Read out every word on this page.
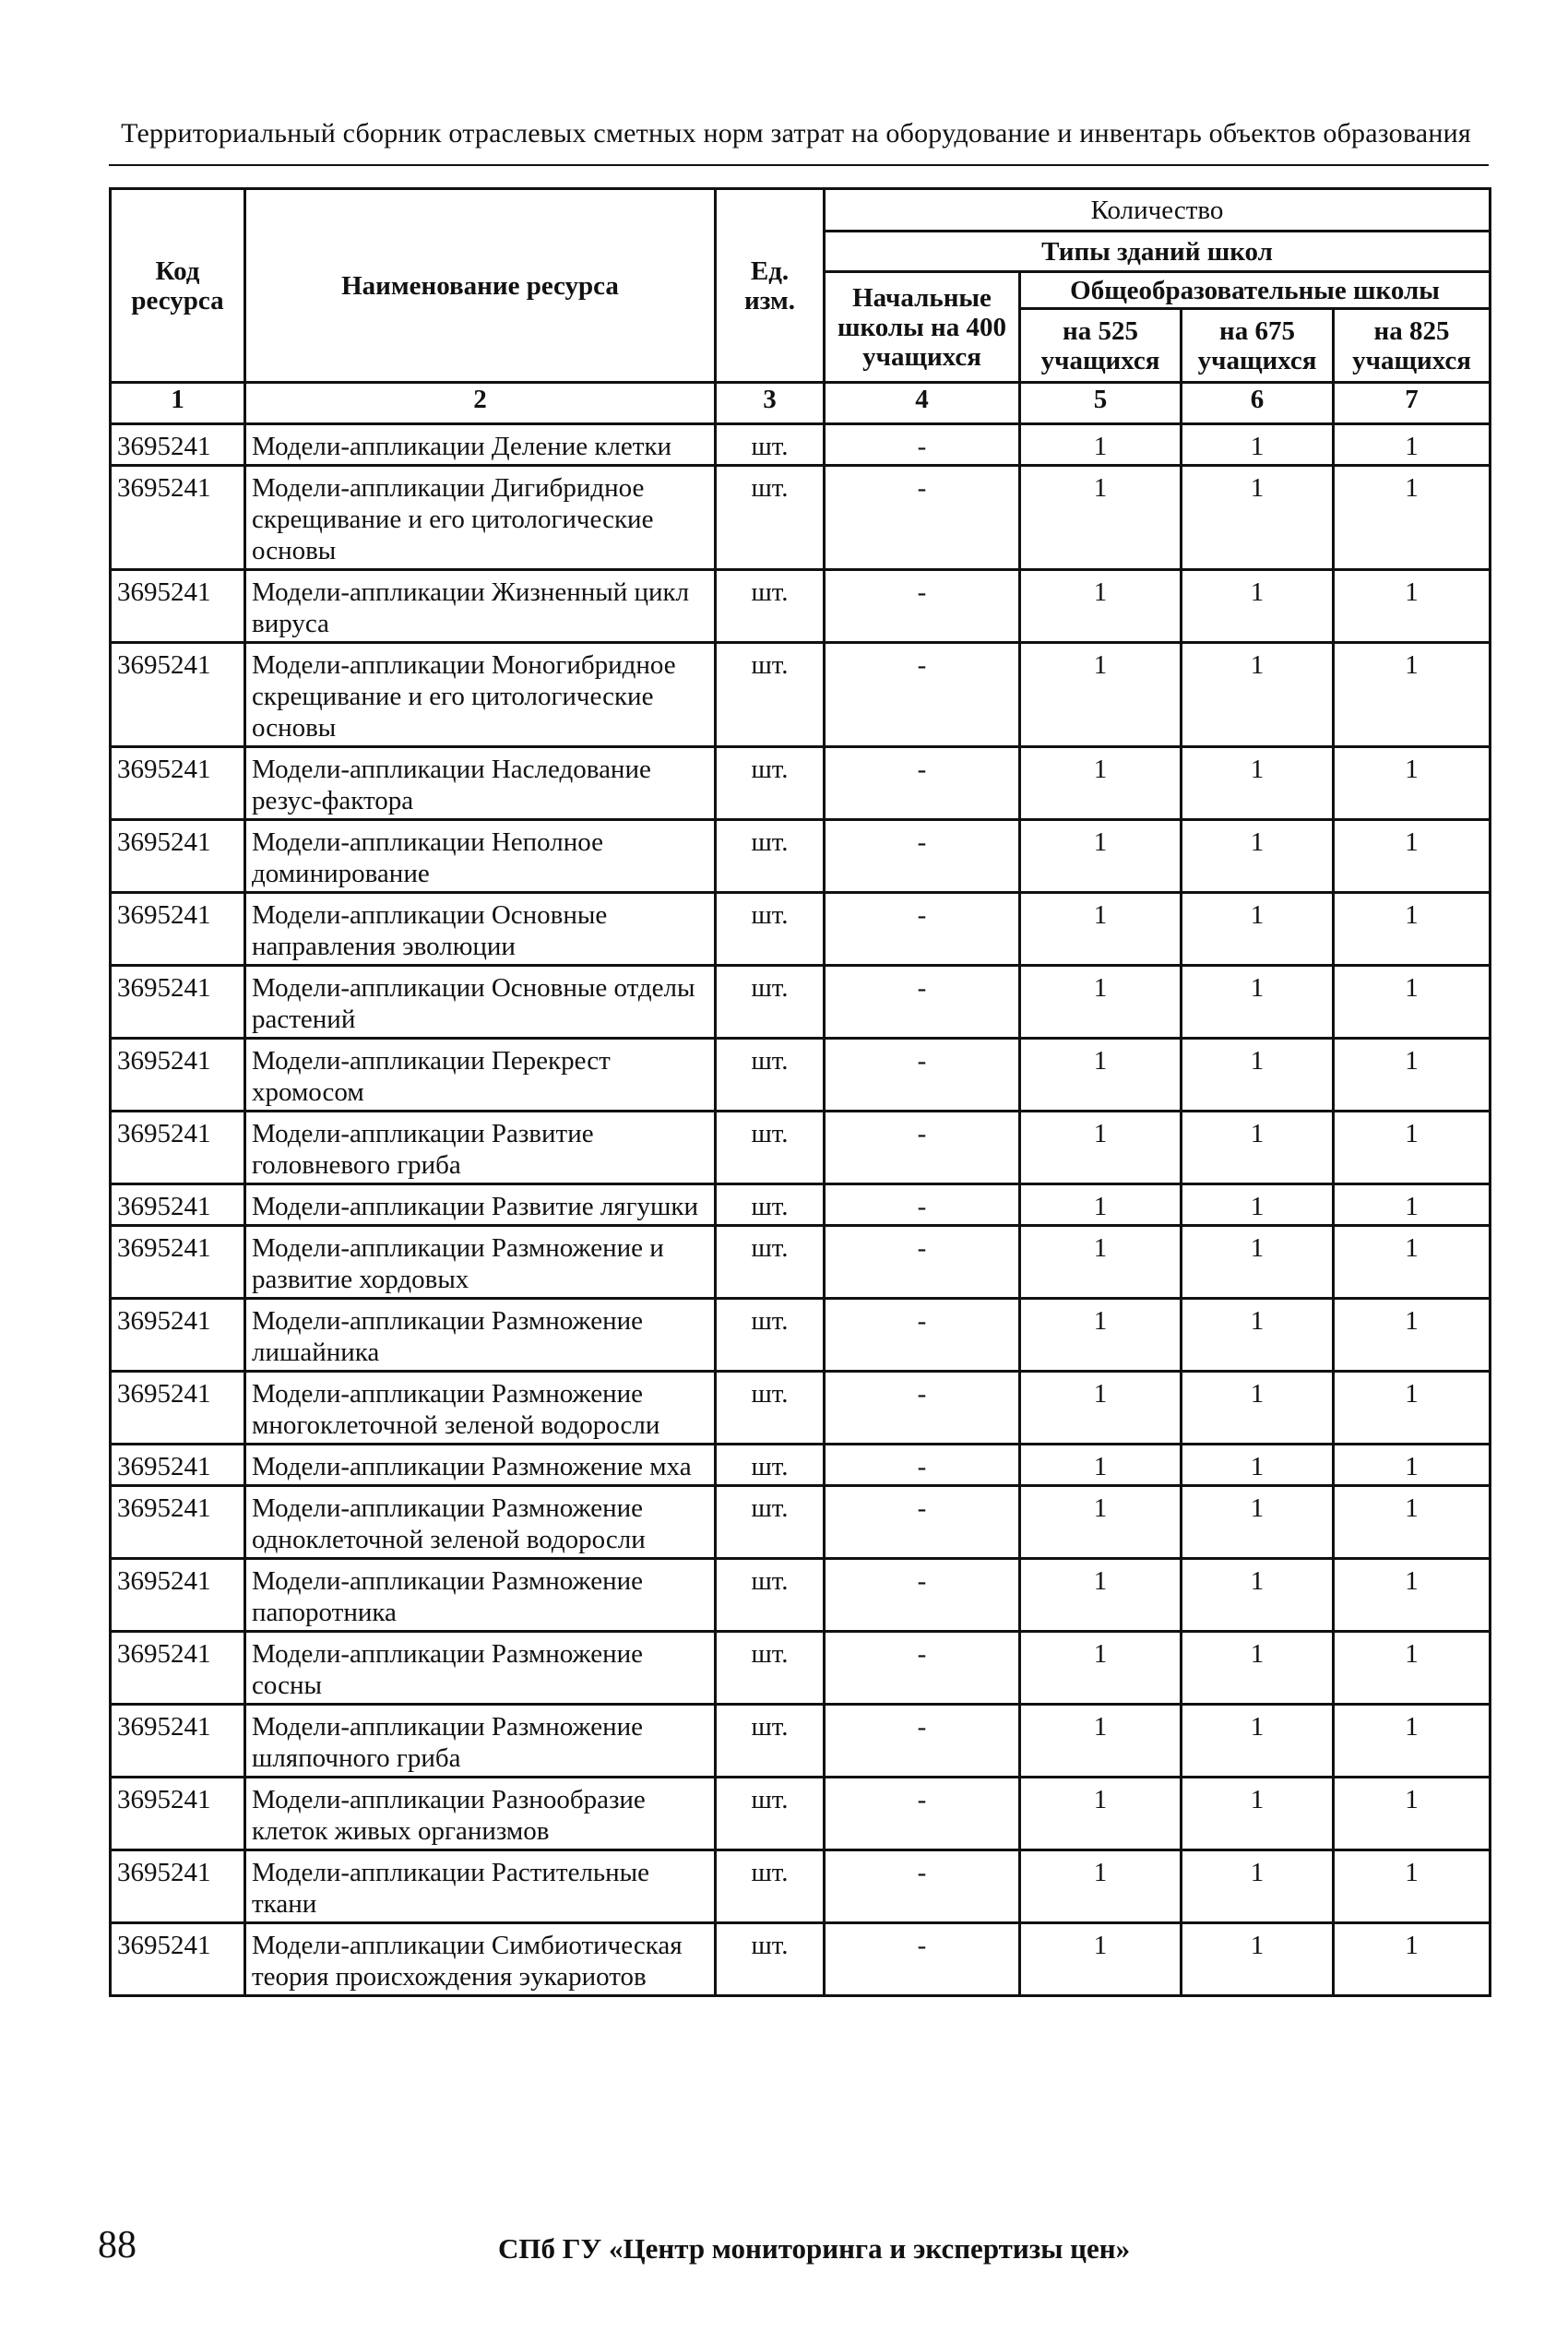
Территориальный сборник отраслевых сметных норм затрат на оборудование и инвентарь объектов образования
Код ресурса	Наименование ресурса	Ед. изм.	Количество			
			Типы зданий школ			
			Начальные школы на 400 учащихся	Общеобразовательные школы		
				на 525 учащихся	на 675 учащихся	на 825 учащихся
1	2	3	4	5	6	7
3695241	Модели-аппликации Деление клетки	шт.	-	1	1	1
3695241	Модели-аппликации Дигибридное скрещивание и его цитологические основы	шт.	-	1	1	1
3695241	Модели-аппликации Жизненный цикл вируса	шт.	-	1	1	1
3695241	Модели-аппликации Моногибридное скрещивание и его цитологические основы	шт.	-	1	1	1
3695241	Модели-аппликации Наследование резус-фактора	шт.	-	1	1	1
3695241	Модели-аппликации Неполное доминирование	шт.	-	1	1	1
3695241	Модели-аппликации Основные направления эволюции	шт.	-	1	1	1
3695241	Модели-аппликации Основные отделы растений	шт.	-	1	1	1
3695241	Модели-аппликации Перекрест хромосом	шт.	-	1	1	1
3695241	Модели-аппликации Развитие головневого гриба	шт.	-	1	1	1
3695241	Модели-аппликации Развитие лягушки	шт.	-	1	1	1
3695241	Модели-аппликации Размножение и развитие хордовых	шт.	-	1	1	1
3695241	Модели-аппликации Размножение лишайника	шт.	-	1	1	1
3695241	Модели-аппликации Размножение многоклеточной зеленой водоросли	шт.	-	1	1	1
3695241	Модели-аппликации Размножение мха	шт.	-	1	1	1
3695241	Модели-аппликации Размножение одноклеточной зеленой водоросли	шт.	-	1	1	1
3695241	Модели-аппликации Размножение папоротника	шт.	-	1	1	1
3695241	Модели-аппликации Размножение сосны	шт.	-	1	1	1
3695241	Модели-аппликации Размножение шляпочного гриба	шт.	-	1	1	1
3695241	Модели-аппликации Разнообразие клеток живых организмов	шт.	-	1	1	1
3695241	Модели-аппликации Растительные ткани	шт.	-	1	1	1
3695241	Модели-аппликации Симбиотическая теория происхождения эукариотов	шт.	-	1	1	1
88	СПб ГУ «Центр мониторинга и экспертизы цен»
